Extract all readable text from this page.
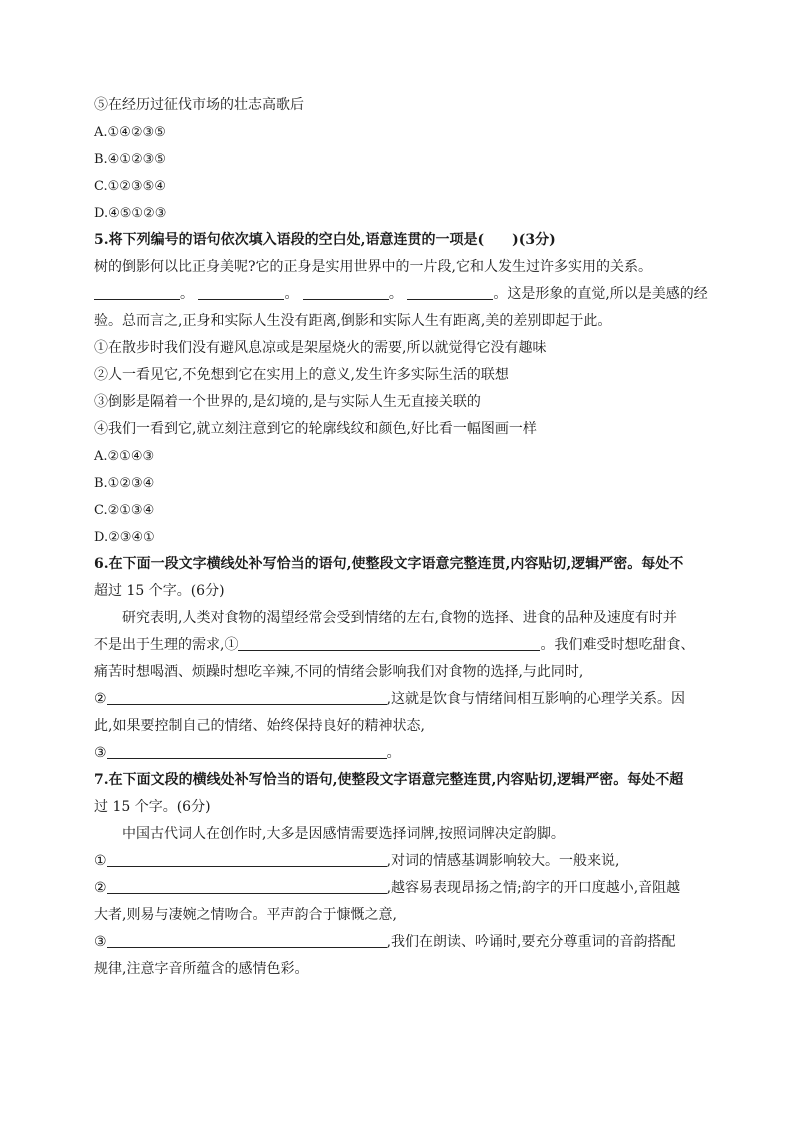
⑤在经历过征伐市场的壮志高歌后
A.①④②③⑤
B.④①②③⑤
C.①②③⑤④
D.④⑤①②③
5.将下列编号的语句依次填入语段的空白处,语意连贯的一项是(　　)(3分)
树的倒影何以比正身美呢?它的正身是实用世界中的一片段,它和人发生过许多实用的关系。
。	。	。	。这是形象的直觉,所以是美感的经
验。总而言之,正身和实际人生没有距离,倒影和实际人生有距离,美的差别即起于此。
①在散步时我们没有避风息凉或是架屋烧火的需要,所以就觉得它没有趣味
②人一看见它,不免想到它在实用上的意义,发生许多实际生活的联想
③倒影是隔着一个世界的,是幻境的,是与实际人生无直接关联的
④我们一看到它,就立刻注意到它的轮廓线纹和颜色,好比看一幅图画一样
A.②①④③
B.①②③④
C.②①③④
D.②③④①
6.在下面一段文字横线处补写恰当的语句,使整段文字语意完整连贯,内容贴切,逻辑严密。每处不
超过 15 个字。(6分)
研究表明,人类对食物的渴望经常会受到情绪的左右,食物的选择、进食的品种及速度有时并
不是出于生理的需求,①	。我们难受时想吃甜食、
痛苦时想喝酒、烦躁时想吃辛辣,不同的情绪会影响我们对食物的选择,与此同时,
②	,这就是饮食与情绪间相互影响的心理学关系。因
此,如果要控制自己的情绪、始终保持良好的精神状态,
③	。
7.在下面文段的横线处补写恰当的语句,使整段文字语意完整连贯,内容贴切,逻辑严密。每处不超
过 15 个字。(6分)
中国古代词人在创作时,大多是因感情需要选择词牌,按照词牌决定韵脚。
①	,对词的情感基调影响较大。一般来说,
②	,越容易表现昂扬之情;韵字的开口度越小,音阻越
大者,则易与凄婉之情吻合。平声韵合于慷慨之意,
③	,我们在朗读、吟诵时,要充分尊重词的音韵搭配
规律,注意字音所蕴含的感情色彩。
